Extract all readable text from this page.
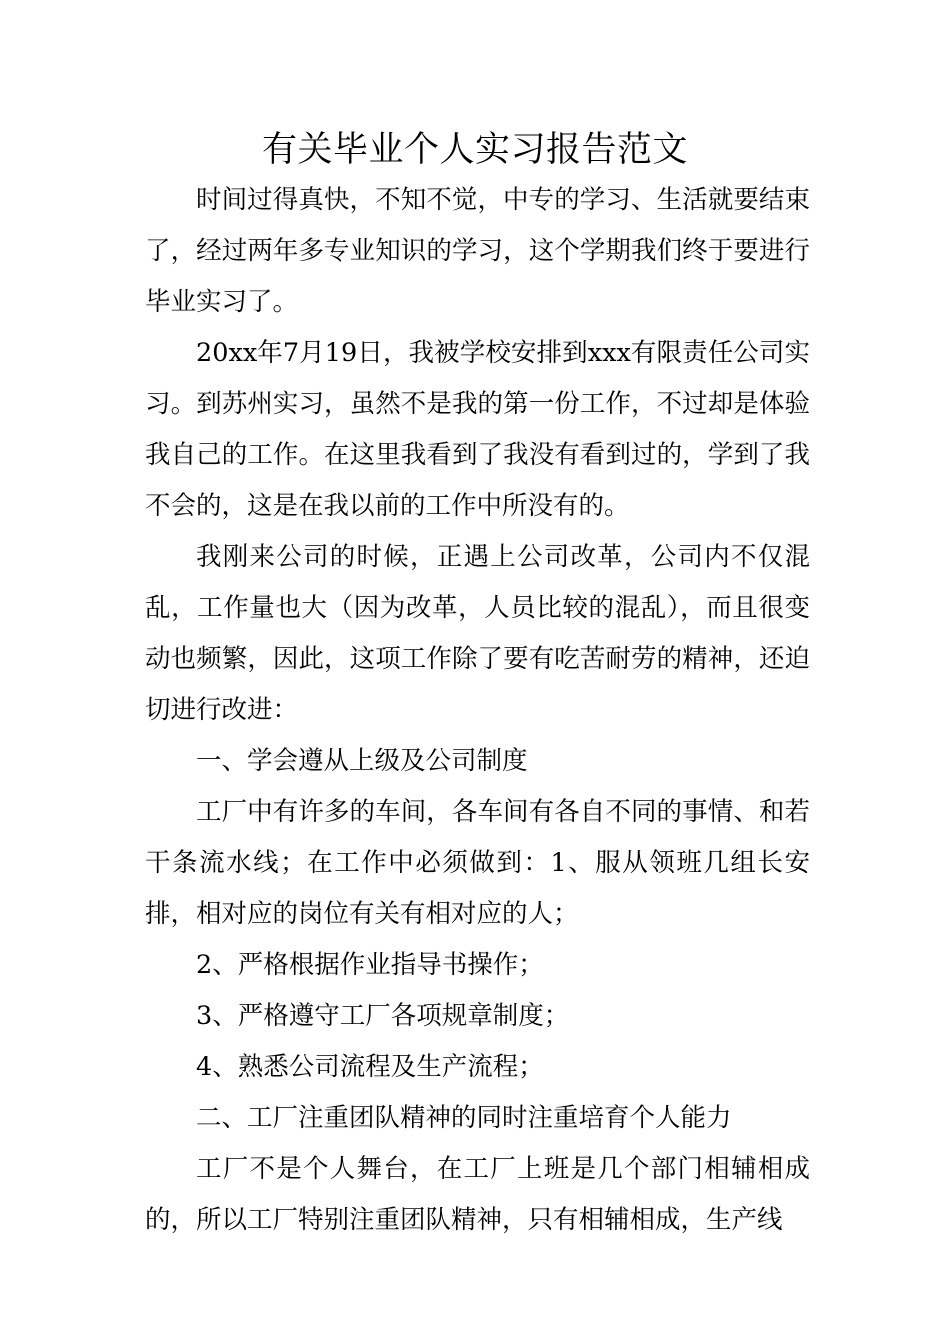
有关毕业个人实习报告范文

时间过得真快，不知不觉，中专的学习、生活就要结束了，经过两年多专业知识的学习，这个学期我们终于要进行毕业实习了。

20xx年7月19日，我被学校安排到xxx有限责任公司实习。到苏州实习，虽然不是我的第一份工作，不过却是体验我自己的工作。在这里我看到了我没有看到过的，学到了我不会的，这是在我以前的工作中所没有的。

我刚来公司的时候，正遇上公司改革，公司内不仅混乱，工作量也大（因为改革，人员比较的混乱），而且很变动也频繁，因此，这项工作除了要有吃苦耐劳的精神，还迫切进行改进：

一、学会遵从上级及公司制度

工厂中有许多的车间，各车间有各自不同的事情、和若干条流水线；在工作中必须做到：1、服从领班几组长安排，相对应的岗位有关有相对应的人；

2、严格根据作业指导书操作；

3、严格遵守工厂各项规章制度；

4、熟悉公司流程及生产流程；

二、工厂注重团队精神的同时注重培育个人能力

工厂不是个人舞台，在工厂上班是几个部门相辅相成的，所以工厂特别注重团队精神，只有相辅相成，生产线
